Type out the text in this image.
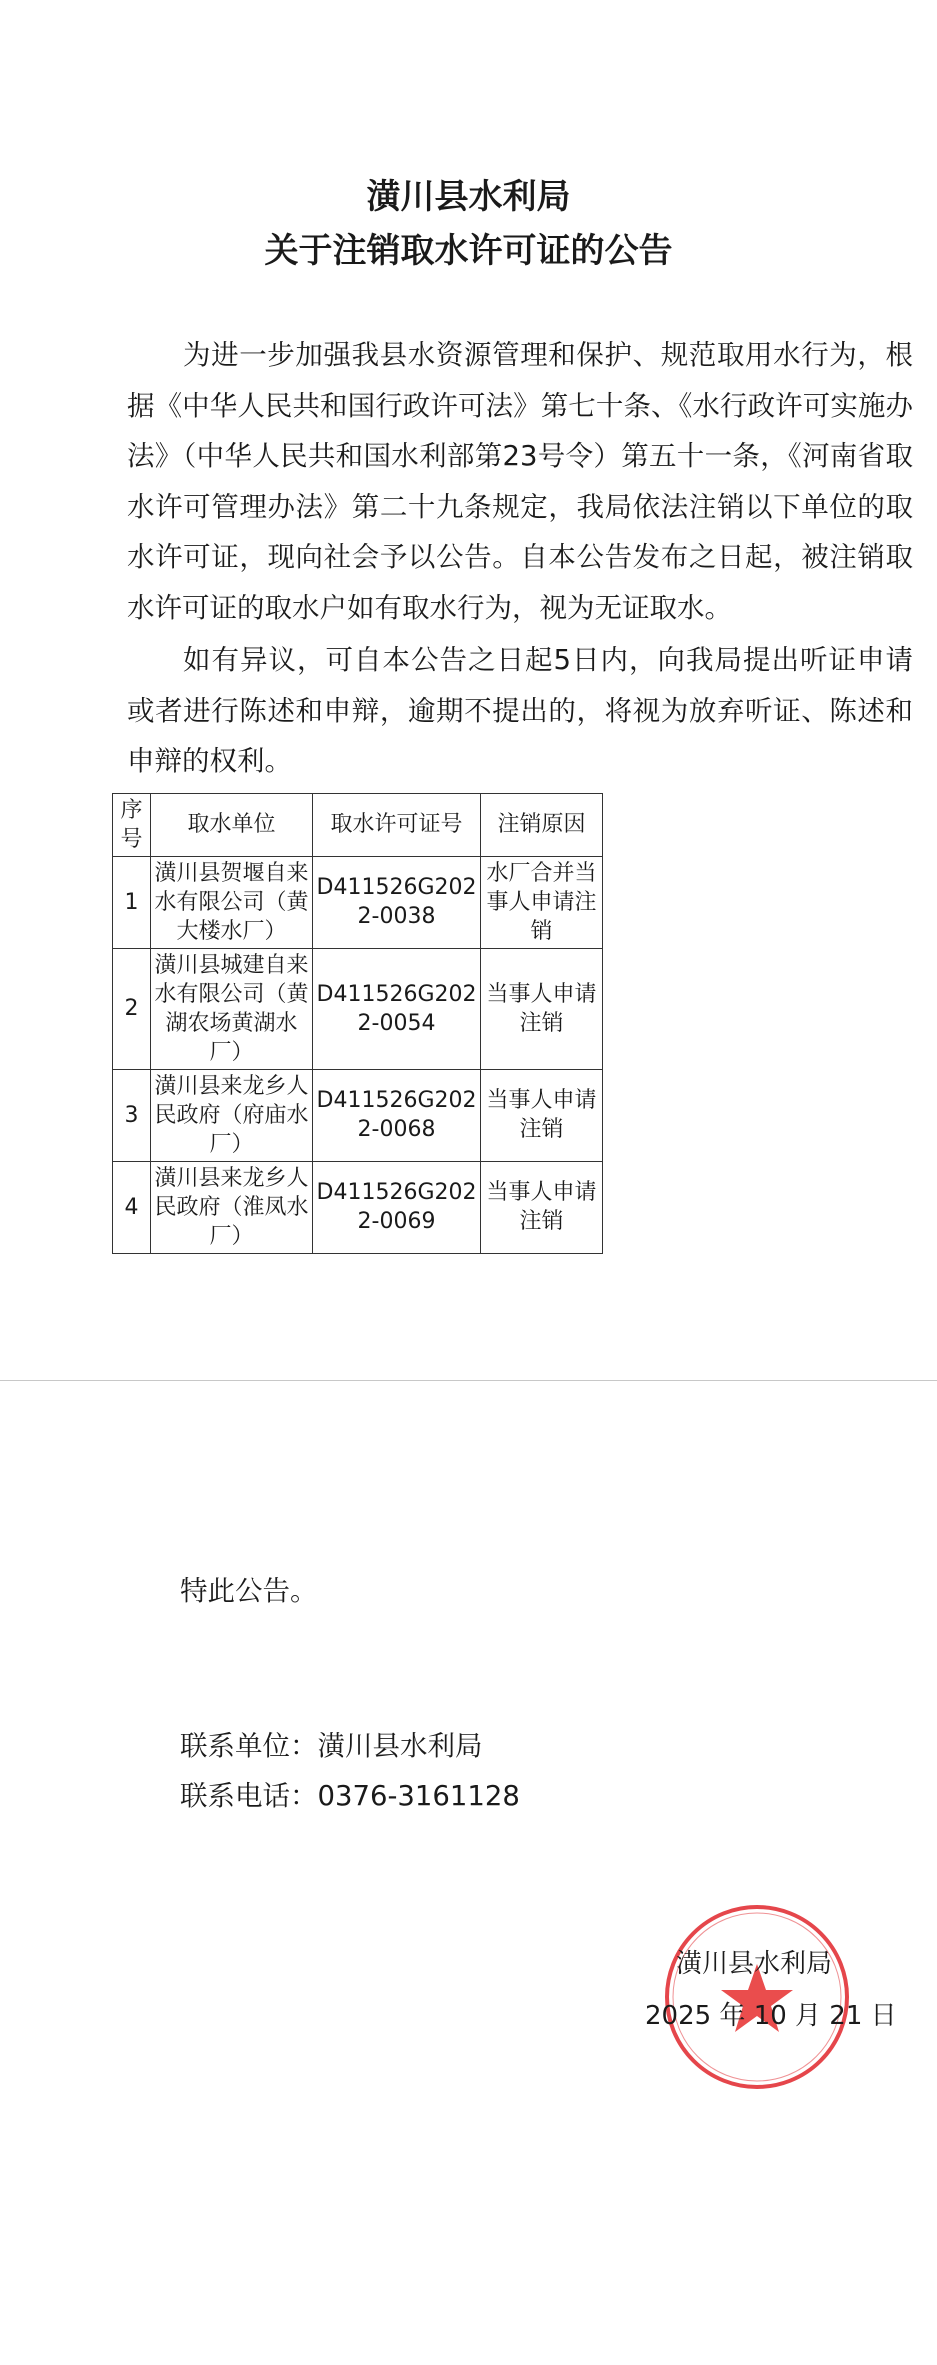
潢川县水利局
关于注销取水许可证的公告
为进一步加强我县水资源管理和保护、规范取用水行为，根据《中华人民共和国行政许可法》第七十条、《水行政许可实施办法》（中华人民共和国水利部第23号令）第五十一条，《河南省取水许可管理办法》第二十九条规定，我局依法注销以下单位的取水许可证，现向社会予以公告。自本公告发布之日起，被注销取水许可证的取水户如有取水行为，视为无证取水。
如有异议，可自本公告之日起5日内，向我局提出听证申请或者进行陈述和申辩，逾期不提出的，将视为放弃听证、陈述和申辩的权利。
序号	取水单位	取水许可证号	注销原因
1	潢川县贺堰自来水有限公司（黄大楼水厂）	D411526G2022-0038	水厂合并当事人申请注销
2	潢川县城建自来水有限公司（黄湖农场黄湖水厂）	D411526G2022-0054	当事人申请注销
3	潢川县来龙乡人民政府（府庙水厂）	D411526G2022-0068	当事人申请注销
4	潢川县来龙乡人民政府（淮凤水厂）	D411526G2022-0069	当事人申请注销
特此公告。
联系单位：潢川县水利局
联系电话：0376-3161128
潢川县水利局
2025 年 10 月 21 日
